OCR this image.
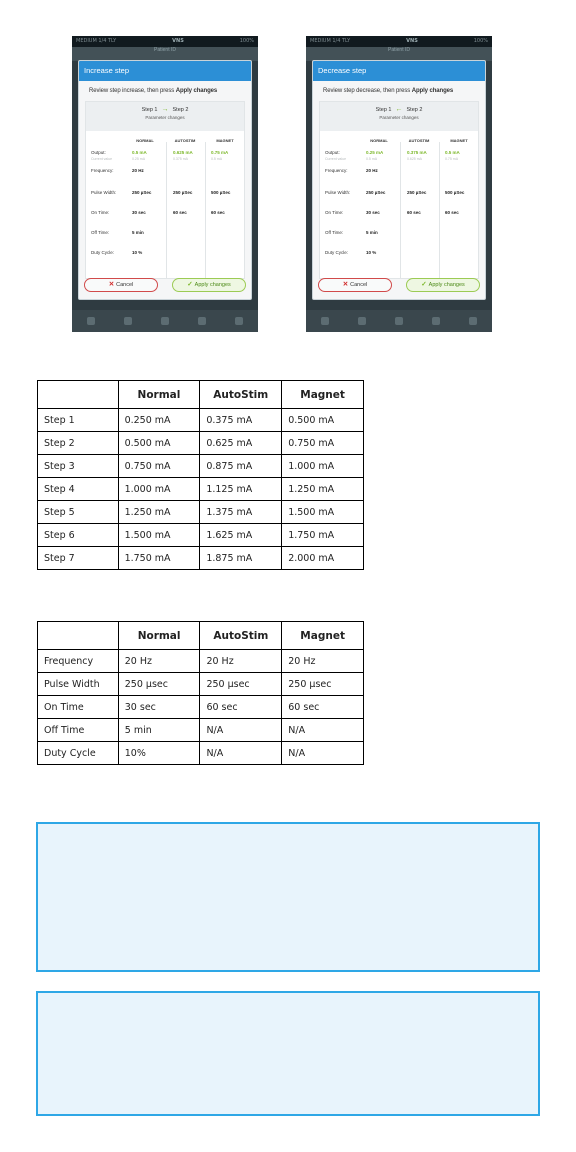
MEDIUM 1/4 TLY	VNS	100%
Patient ID
Increase step
Review step increase, then press Apply changes
Step 1 → Step 2
Parameter changes
NORMAL	AUTOSTIM	MAGNET
Output:	0.5 mA	0.625 mA	0.75 mA
Current value	0.25 mA	0.375 mA	0.5 mA
Frequency:	20 Hz
Pulse Width:	250 µSec	250 µSec	500 µSec
On Time:	30 sec	60 sec	60 sec
Off Time:	5 min
Duty Cycle:	10 %
✕ Cancel	✓ Apply changes
MEDIUM 1/4 TLY	VNS	100%
Patient ID
Decrease step
Review step decrease, then press Apply changes
Step 1 ← Step 2
Parameter changes
NORMAL	AUTOSTIM	MAGNET
Output:	0.25 mA	0.375 mA	0.5 mA
Current value	0.5 mA	0.625 mA	0.75 mA
Frequency:	20 Hz
Pulse Width:	250 µSec	250 µSec	500 µSec
On Time:	30 sec	60 sec	60 sec
Off Time:	5 min
Duty Cycle:	10 %
✕ Cancel	✓ Apply changes
	Normal	AutoStim	Magnet
Step 1	0.250 mA	0.375 mA	0.500 mA
Step 2	0.500 mA	0.625 mA	0.750 mA
Step 3	0.750 mA	0.875 mA	1.000 mA
Step 4	1.000 mA	1.125 mA	1.250 mA
Step 5	1.250 mA	1.375 mA	1.500 mA
Step 6	1.500 mA	1.625 mA	1.750 mA
Step 7	1.750 mA	1.875 mA	2.000 mA
	Normal	AutoStim	Magnet
Frequency	20 Hz	20 Hz	20 Hz
Pulse Width	250 µsec	250 µsec	250 µsec
On Time	30 sec	60 sec	60 sec
Off Time	5 min	N/A	N/A
Duty Cycle	10%	N/A	N/A
